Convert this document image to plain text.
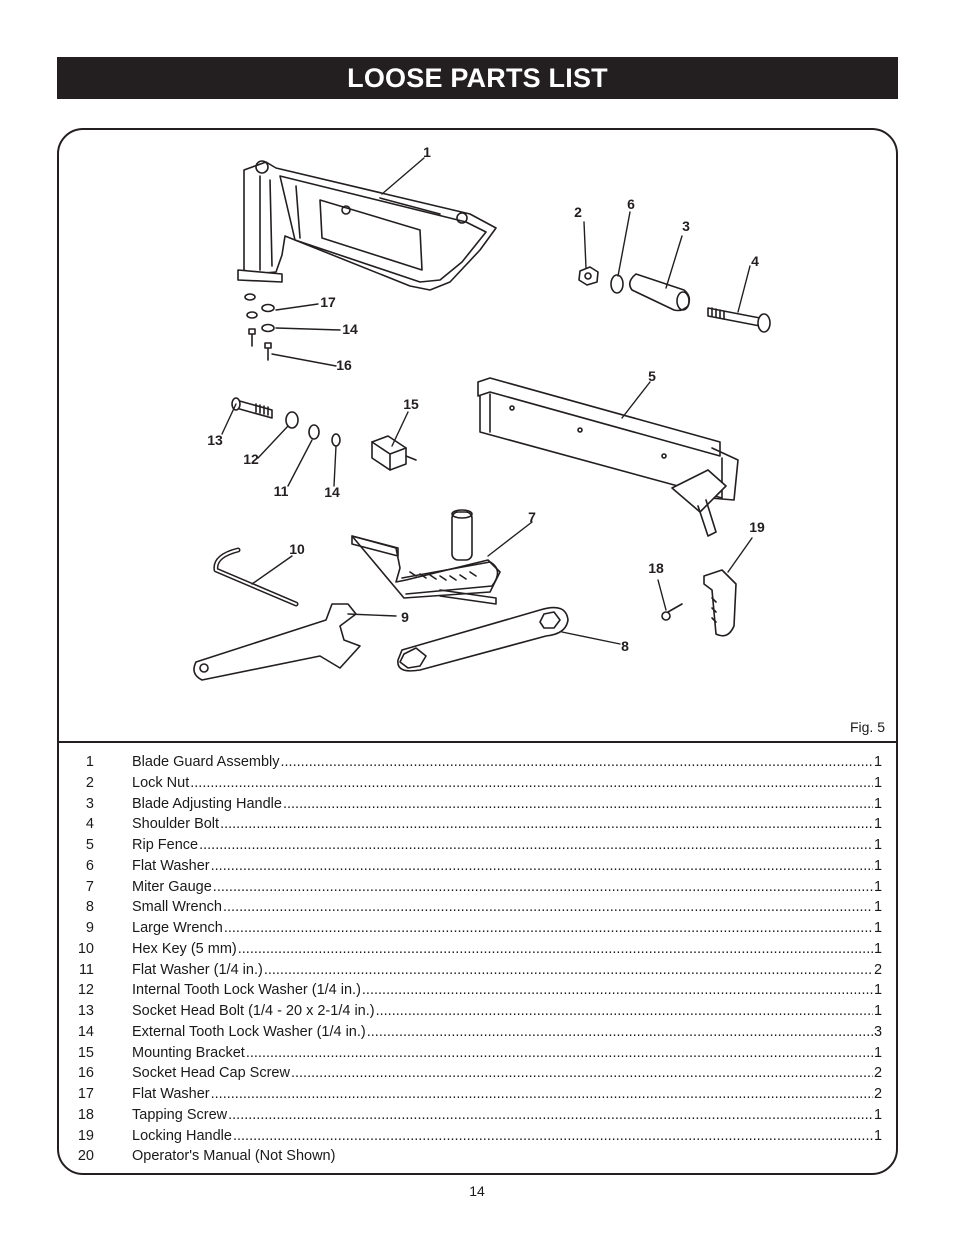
LOOSE PARTS LIST
1
2	6
3
4
17
14
16
5
15
13
12
11	14
7
19
10
18
9
8
Fig. 5
1	Blade Guard Assembly .....	1
2	Lock Nut .....	1
3	Blade Adjusting Handle .....	1
4	Shoulder Bolt .....	1
5	Rip Fence .....	1
6	Flat Washer .....	1
7	Miter Gauge .....	1
8	Small Wrench .....	1
9	Large Wrench .....	1
10	Hex Key (5 mm) .....	1
11	Flat Washer (1/4 in.) .....	2
12	Internal Tooth Lock Washer (1/4 in.) .....	1
13	Socket Head Bolt (1/4 - 20 x 2-1/4 in.) .....	1
14	External Tooth Lock Washer (1/4 in.) .....	3
15	Mounting Bracket .....	1
16	Socket Head Cap Screw .....	2
17	Flat Washer .....	2
18	Tapping Screw .....	1
19	Locking Handle .....	1
20	Operator's Manual (Not Shown)
14
